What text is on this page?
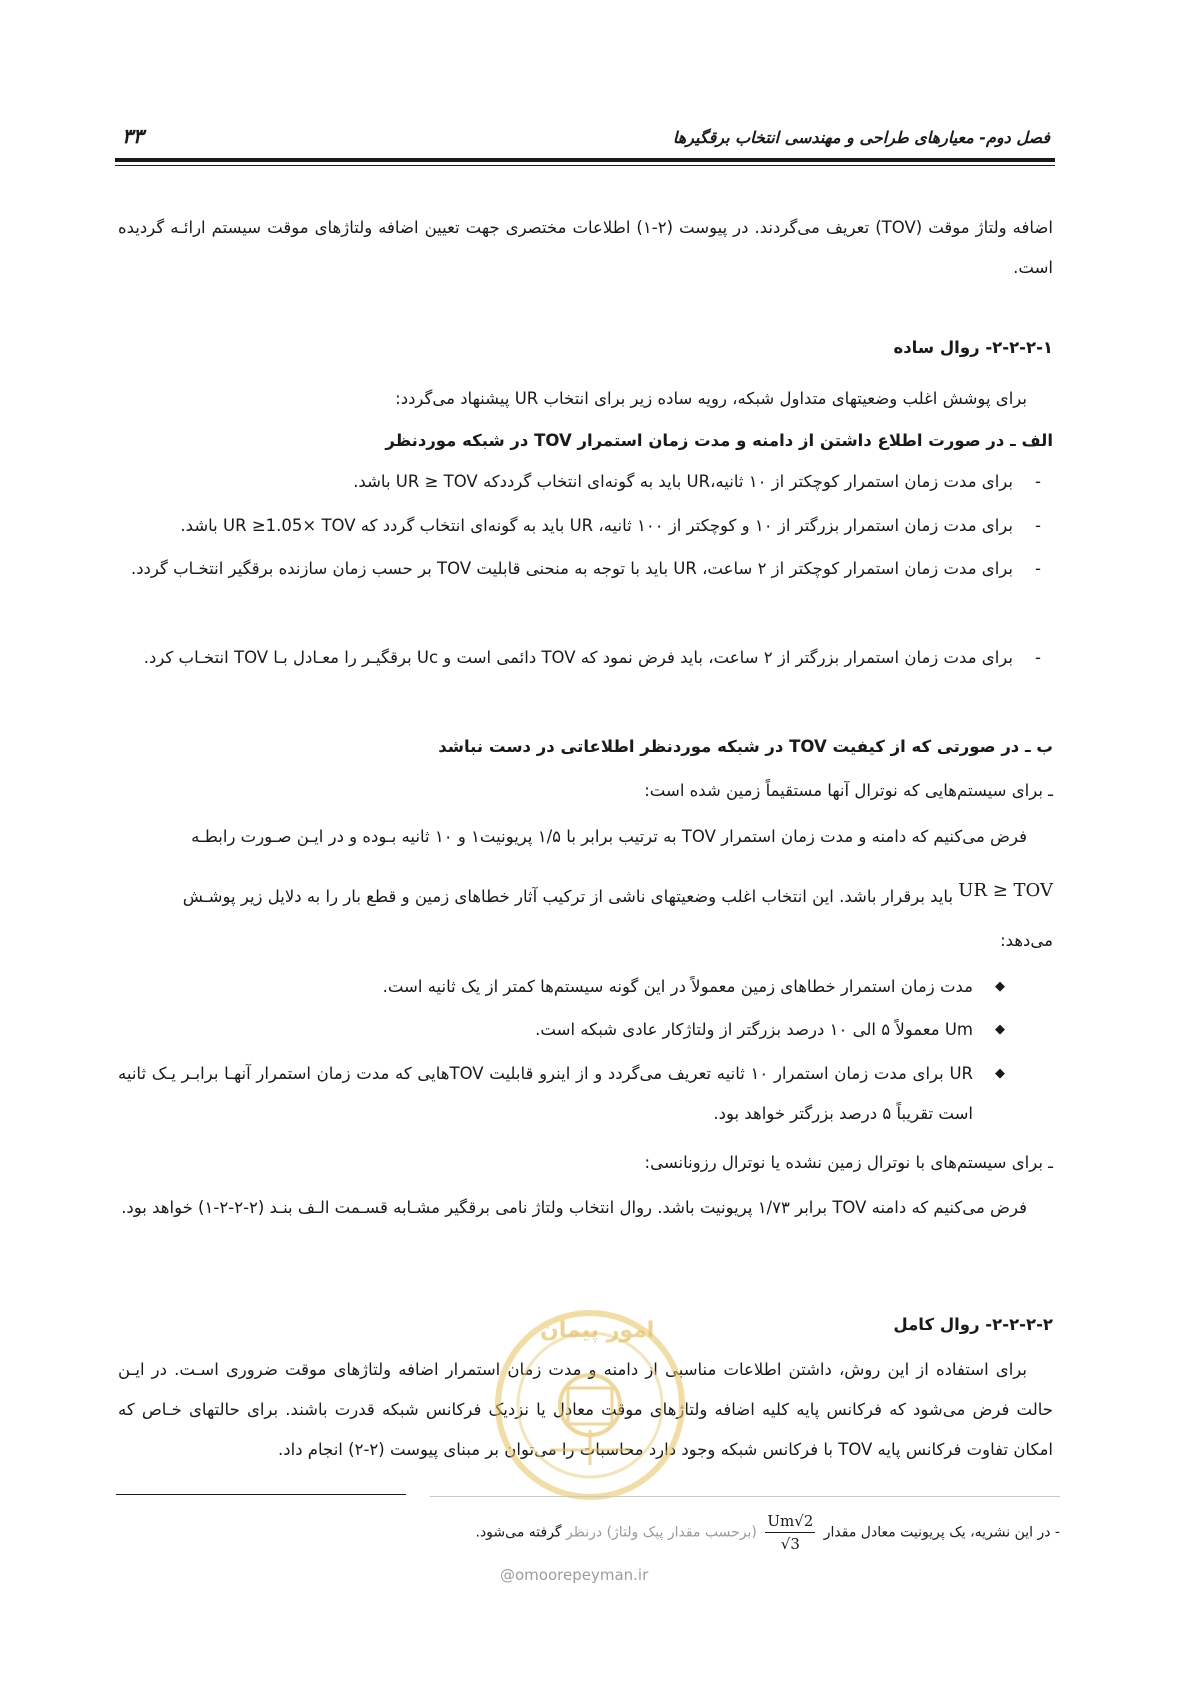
فصل دوم- معیارهای طراحی و مهندسی انتخاب برقگیرها
۳۳
اضافه ولتاژ موقت (TOV) تعریف می‌گردند. در پیوست (۲-۱) اطلاعات مختصری جهت تعیین اضافه ولتاژهای موقت سیستم ارائـه گردیده است.
۲-۲-۲-۱- روال ساده
برای پوشش اغلب وضعیتهای متداول شبکه، رویه ساده زیر برای انتخاب UR پیشنهاد می‌گردد:
الف ـ در صورت اطلاع داشتن از دامنه و مدت زمان استمرار TOV در شبکه موردنظر
-
برای مدت زمان استمرار کوچکتر از ۱۰ ثانیه،UR باید به گونه‌ای انتخاب گرددکه UR ≥ TOV باشد.
-
برای مدت زمان استمرار بزرگتر از ۱۰ و کوچکتر از ۱۰۰ ثانیه، UR باید به گونه‌ای انتخاب گردد که UR ≥1.05× TOV باشد.
-
برای مدت زمان استمرار کوچکتر از ۲ ساعت، UR باید با توجه به منحنی قابلیت TOV بر حسب زمان سازنده برقگیر انتخـاب گردد.
-
برای مدت زمان استمرار بزرگتر از ۲ ساعت، باید فرض نمود که TOV دائمی است و Uc برقگیـر را معـادل بـا TOV انتخـاب کرد.
ب ـ در صورتی که از کیفیت TOV در شبکه موردنظر اطلاعاتی در دست نباشد
ـ برای سیستم‌هایی که نوترال آنها مستقیماً زمین شده است:
فرض می‌کنیم که دامنه و مدت زمان استمرار TOV به ترتیب برابر با ۱/۵ پریونیت۱ و ۱۰ ثانیه بـوده و در ایـن صـورت رابطـه
UR ≥ TOV باید برقرار باشد. این انتخاب اغلب وضعیتهای ناشی از ترکیب آثار خطاهای زمین و قطع بار را به دلایل زیر پوشـش
می‌دهد:
◆
مدت زمان استمرار خطاهای زمین معمولاً در این گونه سیستم‌ها کمتر از یک ثانیه است.
◆
Um معمولاً ۵ الی ۱۰ درصد بزرگتر از ولتاژکار عادی شبکه است.
◆
UR برای مدت زمان استمرار ۱۰ ثانیه تعریف می‌گردد و از اینرو قابلیت TOVهایی که مدت زمان استمرار آنهـا برابـر یـک ثانیه است تقریباً ۵ درصد بزرگتر خواهد بود.
ـ برای سیستم‌های با نوترال زمین نشده یا نوترال رزونانسی:
فرض می‌کنیم که دامنه TOV برابر ۱/۷۳ پریونیت باشد. روال انتخاب ولتاژ نامی برقگیر مشـابه قسـمت الـف بنـد (۲-۲-۲-۱) خواهد بود.
۲-۲-۲-۲- روال کامل
برای استفاده از این روش، داشتن اطلاعات مناسبی از دامنه و مدت زمان استمرار اضافه ولتاژهای موقت ضروری اسـت. در ایـن حالت فرض می‌شود که فرکانس پایه کلیه اضافه ولتاژهای موقت معادل یا نزدیک فرکانس شبکه قدرت باشند. برای حالتهای خـاص که امکان تفاوت فرکانس پایه TOV با فرکانس شبکه وجود دارد محاسبات را می‌توان بر مبنای پیوست (۲-۲) انجام داد.
امور پیمان
- در این نشریه، یک پریونیت معادل مقدار
$\frac{Um√2}{√3}$
(برحسب مقدار پیک ولتاژ) درنظر گرفته می‌شود.
@omoorepeyman.ir
